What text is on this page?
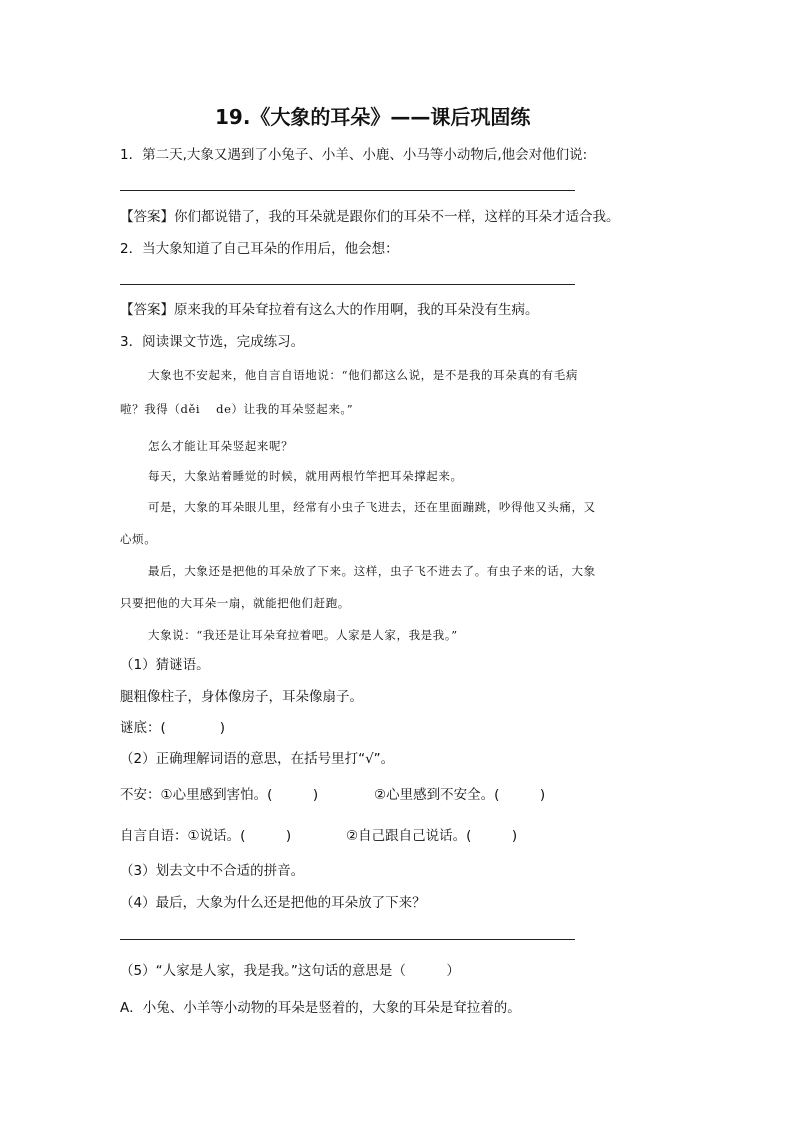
19.《大象的耳朵》——课后巩固练
1．第二天,大象又遇到了小兔子、小羊、小鹿、小马等小动物后,他会对他们说:
【答案】你们都说错了，我的耳朵就是跟你们的耳朵不一样，这样的耳朵才适合我。
2．当大象知道了自己耳朵的作用后，他会想：
【答案】原来我的耳朵耷拉着有这么大的作用啊，我的耳朵没有生病。
3．阅读课文节选，完成练习。
大象也不安起来，他自言自语地说：“他们都这么说，是不是我的耳朵真的有毛病
啦？我得（děi de）让我的耳朵竖起来。”
怎么才能让耳朵竖起来呢？
每天，大象站着睡觉的时候，就用两根竹竿把耳朵撑起来。
可是，大象的耳朵眼儿里，经常有小虫子飞进去，还在里面蹦跳，吵得他又头痛，又
心烦。
最后，大象还是把他的耳朵放了下来。这样，虫子飞不进去了。有虫子来的话，大象
只要把他的大耳朵一扇，就能把他们赶跑。
大象说：“我还是让耳朵耷拉着吧。人家是人家，我是我。”
（1）猜谜语。
腿粗像柱子，身体像房子，耳朵像扇子。
谜底：(　　　　)
（2）正确理解词语的意思，在括号里打“√”。
不安：①心里感到害怕。(　　　)	②心里感到不安全。(　　　)
自言自语：①说话。(　　　)	②自己跟自己说话。(　　　)
（3）划去文中不合适的拼音。
（4）最后，大象为什么还是把他的耳朵放了下来？
（5）“人家是人家，我是我。”这句话的意思是（　　　）
A．小兔、小羊等小动物的耳朵是竖着的，大象的耳朵是耷拉着的。
